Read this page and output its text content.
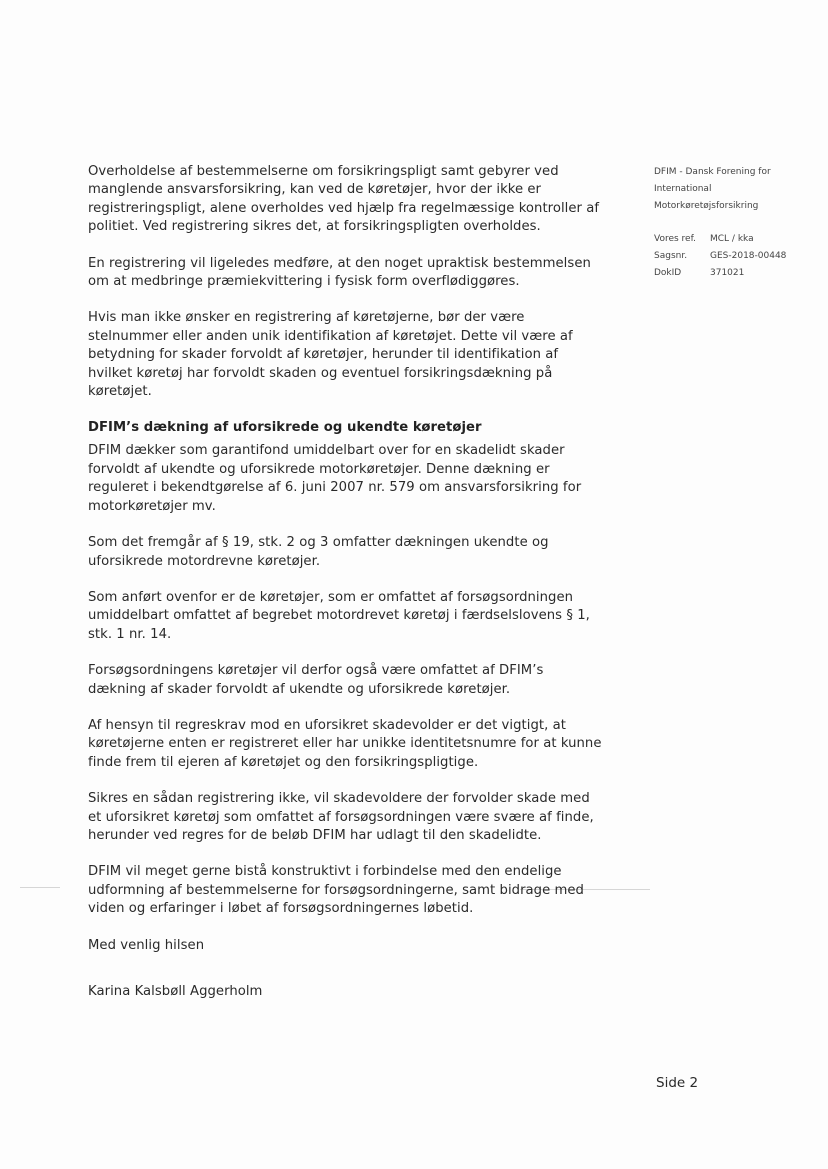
Overholdelse af bestemmelserne om forsikringspligt samt gebyrer ved manglende ansvarsforsikring, kan ved de køretøjer, hvor der ikke er registreringspligt, alene overholdes ved hjælp fra regelmæssige kontroller af politiet. Ved registrering sikres det, at forsikringspligten overholdes.

En registrering vil ligeledes medføre, at den noget upraktisk bestemmelsen om at medbringe præmiekvittering i fysisk form overflødiggøres.

Hvis man ikke ønsker en registrering af køretøjerne, bør der være stelnummer eller anden unik identifikation af køretøjet. Dette vil være af betydning for skader forvoldt af køretøjer, herunder til identifikation af hvilket køretøj har forvoldt skaden og eventuel forsikringsdækning på køretøjet.

DFIM’s dækning af uforsikrede og ukendte køretøjer

DFIM dækker som garantifond umiddelbart over for en skadelidt skader forvoldt af ukendte og uforsikrede motorkøretøjer. Denne dækning er reguleret i bekendtgørelse af 6. juni 2007 nr. 579 om ansvarsforsikring for motorkøretøjer mv.

Som det fremgår af § 19, stk. 2 og 3 omfatter dækningen ukendte og uforsikrede motordrevne køretøjer.

Som anført ovenfor er de køretøjer, som er omfattet af forsøgsordningen umiddelbart omfattet af begrebet motordrevet køretøj i færdselslovens § 1, stk. 1 nr. 14.

Forsøgsordningens køretøjer vil derfor også være omfattet af DFIM’s dækning af skader forvoldt af ukendte og uforsikrede køretøjer.

Af hensyn til regreskrav mod en uforsikret skadevolder er det vigtigt, at køretøjerne enten er registreret eller har unikke identitetsnumre for at kunne finde frem til ejeren af køretøjet og den forsikringspligtige.

Sikres en sådan registrering ikke, vil skadevoldere der forvolder skade med et uforsikret køretøj som omfattet af forsøgsordningen være svære af finde, herunder ved regres for de beløb DFIM har udlagt til den skadelidte.

DFIM vil meget gerne bistå konstruktivt i forbindelse med den endelige udformning af bestemmelserne for forsøgsordningerne, samt bidrage med viden og erfaringer i løbet af forsøgsordningernes løbetid.

Med venlig hilsen

Karina Kalsbøll Aggerholm

DFIM - Dansk Forening for
International
Motorkøretøjsforsikring
Vores ref.	MCL / kka
Sagsnr.	GES-2018-00448
DokID	371021
Side 2
